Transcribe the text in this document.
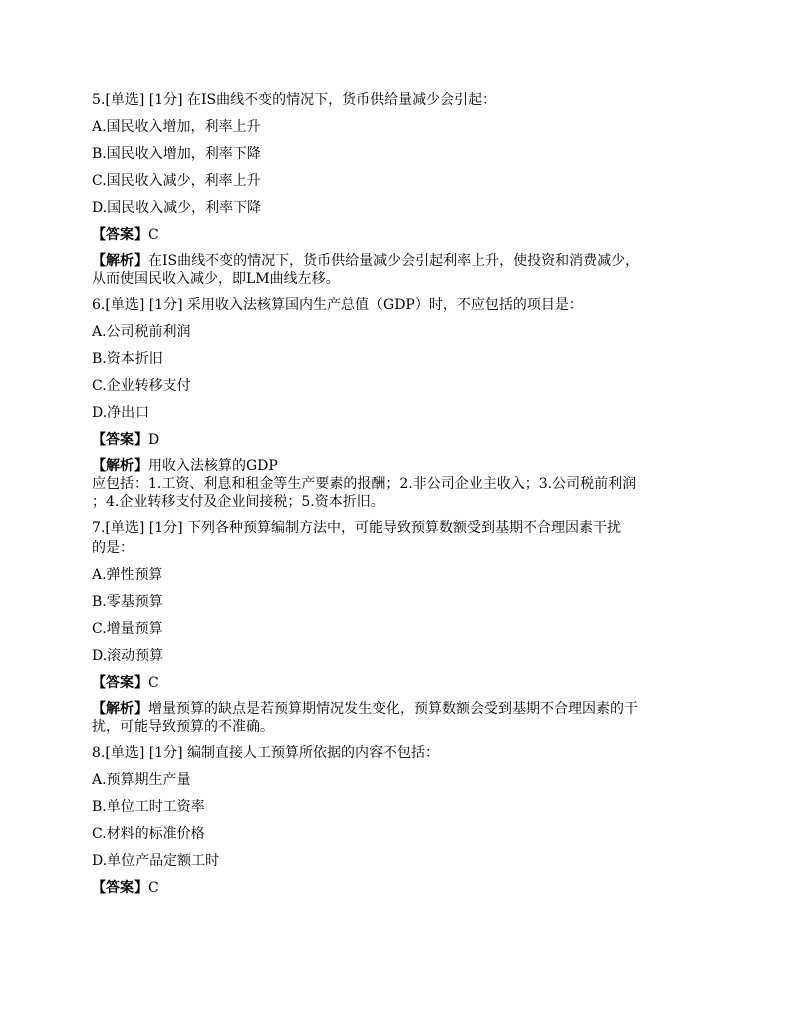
5.[单选] [1分] 在IS曲线不变的情况下，货币供给量减少会引起：
A.国民收入增加，利率上升
B.国民收入增加，利率下降
C.国民收入减少，利率上升
D.国民收入减少，利率下降
【答案】C
【解析】在IS曲线不变的情况下，货币供给量减少会引起利率上升，使投资和消费减少，
从而使国民收入减少，即LM曲线左移。
6.[单选] [1分] 采用收入法核算国内生产总值（GDP）时，不应包括的项目是：
A.公司税前利润
B.资本折旧
C.企业转移支付
D.净出口
【答案】D
【解析】用收入法核算的GDP
应包括：1.工资、利息和租金等生产要素的报酬；2.非公司企业主收入；3.公司税前利润
；4.企业转移支付及企业间接税；5.资本折旧。
7.[单选] [1分] 下列各种预算编制方法中，可能导致预算数额受到基期不合理因素干扰
的是：
A.弹性预算
B.零基预算
C.增量预算
D.滚动预算
【答案】C
【解析】增量预算的缺点是若预算期情况发生变化，预算数额会受到基期不合理因素的干
扰，可能导致预算的不准确。
8.[单选] [1分] 编制直接人工预算所依据的内容不包括：
A.预算期生产量
B.单位工时工资率
C.材料的标准价格
D.单位产品定额工时
【答案】C
